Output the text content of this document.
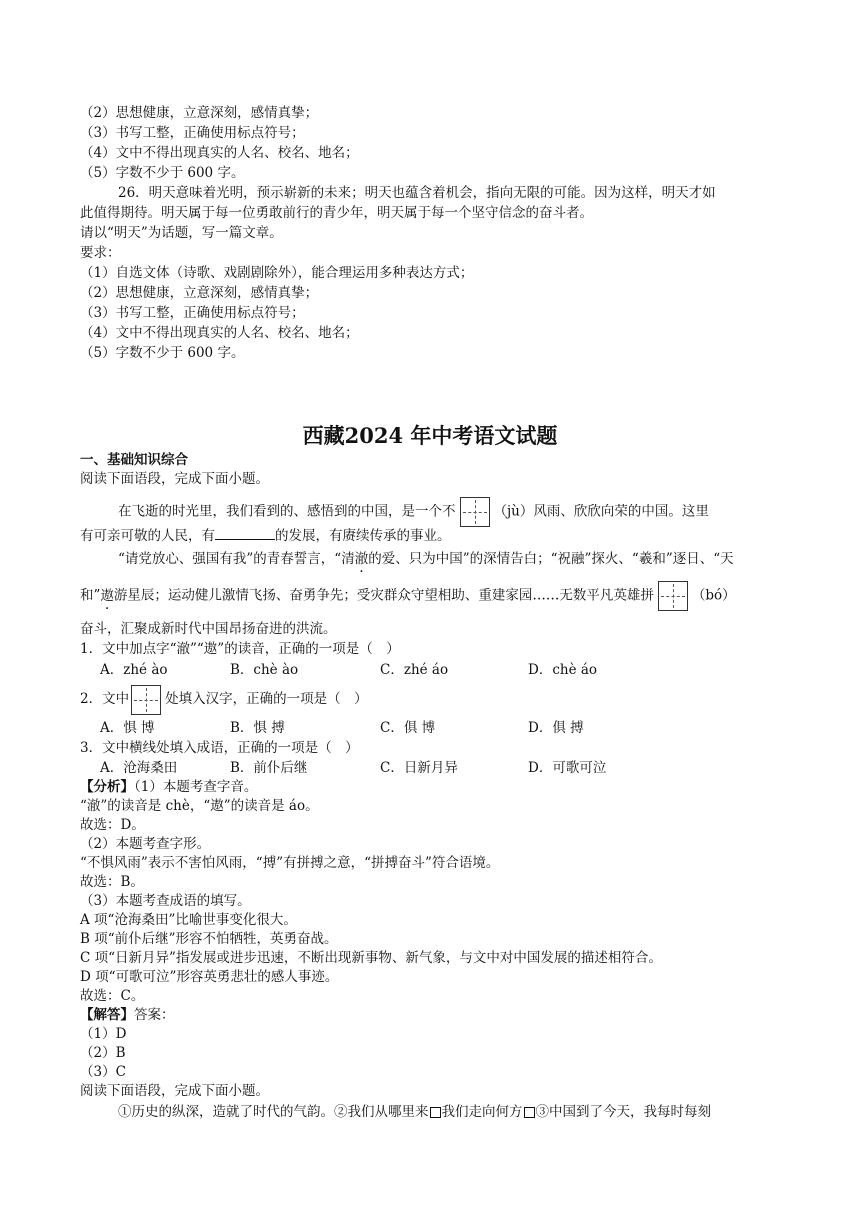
（2）思想健康，立意深刻，感情真挚；
（3）书写工整，正确使用标点符号；
（4）文中不得出现真实的人名、校名、地名；
（5）字数不少于 600 字。
26．明天意味着光明，预示崭新的未来；明天也蕴含着机会，指向无限的可能。因为这样，明天才如
此值得期待。明天属于每一位勇敢前行的青少年，明天属于每一个坚守信念的奋斗者。
请以“明天”为话题，写一篇文章。
要求：
（1）自选文体（诗歌、戏剧剧除外），能合理运用多种表达方式；
（2）思想健康，立意深刻，感情真挚；
（3）书写工整，正确使用标点符号；
（4）文中不得出现真实的人名、校名、地名；
（5）字数不少于 600 字。
西藏2024 年中考语文试题
一、基础知识综合
阅读下面语段，完成下面小题。
在飞逝的时光里，我们看到的、感悟到的中国，是一个不	（jù）风雨、欣欣向荣的中国。这里
有可亲可敬的人民，有	的发展，有赓续传承的事业。
“请党放心、强国有我”的青春誓言，“清澈的爱、只为中国”的深情告白；“祝融”探火、“羲和”逐日、“天
和”遨游星辰；运动健儿激情飞扬、奋勇争先；受灾群众守望相助、重建家园……无数平凡英雄拼	（bó）
奋斗，汇聚成新时代中国昂扬奋进的洪流。
1．文中加点字“澈”“遨”的读音，正确的一项是（　）
A．zhé ào	B．chè ào	C．zhé áo	D．chè áo
2．文中	处填入汉字，正确的一项是（　）
A．惧 博	B．惧 搏	C．俱 博	D．俱 搏
3．文中横线处填入成语，正确的一项是（　）
A．沧海桑田	B．前仆后继	C．日新月异	D．可歌可泣
【分析】（1）本题考查字音。
“澈”的读音是 chè，“遨”的读音是 áo。
故选：D。
（2）本题考查字形。
“不惧风雨”表示不害怕风雨，“搏”有拼搏之意，“拼搏奋斗”符合语境。
故选：B。
（3）本题考查成语的填写。
A 项“沧海桑田”比喻世事变化很大。
B 项“前仆后继”形容不怕牺牲，英勇奋战。
C 项“日新月异”指发展或进步迅速，不断出现新事物、新气象，与文中对中国发展的描述相符合。
D 项“可歌可泣”形容英勇悲壮的感人事迹。
故选：C。
【解答】答案：
（1）D
（2）B
（3）C
阅读下面语段，完成下面小题。
①历史的纵深，造就了时代的气韵。②我们从哪里来 我们走向何方 ③中国到了今天，我每时每刻
